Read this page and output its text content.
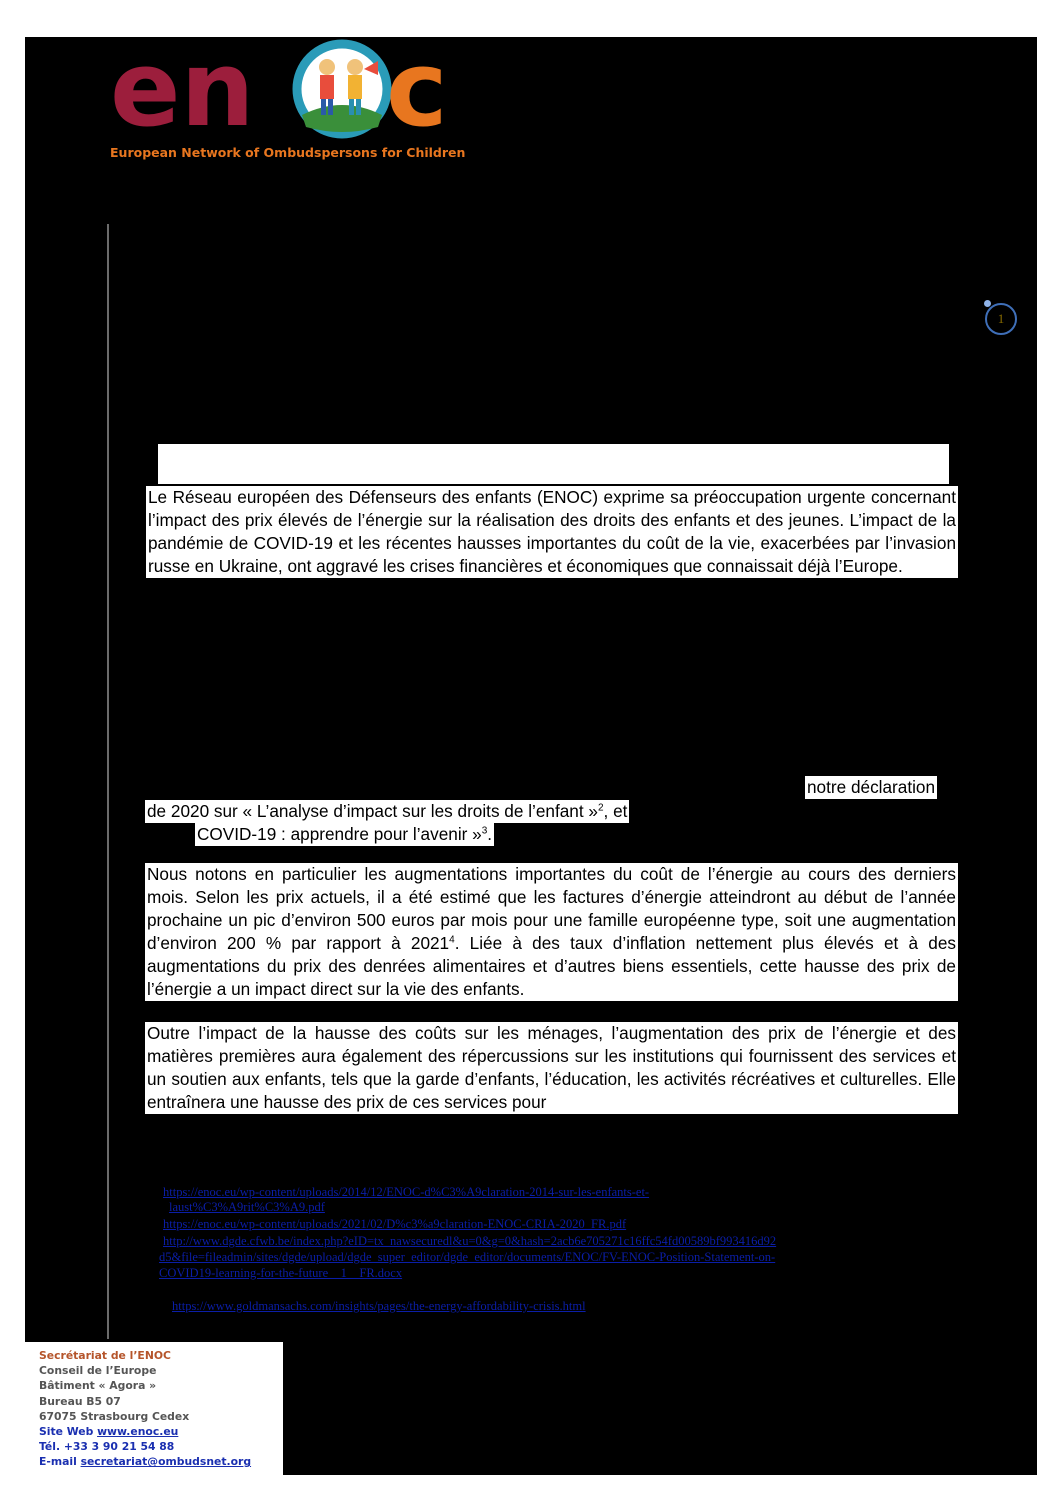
en c
European Network of Ombudspersons for Children
1

Le Réseau européen des Défenseurs des enfants (ENOC) exprime sa préoccupation urgente concernant l’impact des prix élevés de l’énergie sur la réalisation des droits des enfants et des jeunes. L’impact de la pandémie de COVID-19 et les récentes hausses importantes du coût de la vie, exacerbées par l’invasion russe en Ukraine, ont aggravé les crises financières et économiques que connaissait déjà l’Europe.

notre déclaration
de 2020 sur « L’analyse d’impact sur les droits de l’enfant »$^2$, et
COVID-19 : apprendre pour l’avenir »$^3$.

Nous notons en particulier les augmentations importantes du coût de l’énergie au cours des derniers mois. Selon les prix actuels, il a été estimé que les factures d’énergie atteindront au début de l’année prochaine un pic d’environ 500 euros par mois pour une famille européenne type, soit une augmentation d’environ 200 % par rapport à 2021$^4$. Liée à des taux d’inflation nettement plus élevés et à des augmentations du prix des denrées alimentaires et d’autres biens essentiels, cette hausse des prix de l’énergie a un impact direct sur la vie des enfants.

Outre l’impact de la hausse des coûts sur les ménages, l’augmentation des prix de l’énergie et des matières premières aura également des répercussions sur les institutions qui fournissent des services et un soutien aux enfants, tels que la garde d’enfants, l’éducation, les activités récréatives et culturelles. Elle entraînera une hausse des prix de ces services pour

https://enoc.eu/wp-content/uploads/2014/12/ENOC-d%C3%A9claration-2014-sur-les-enfants-et-
laust%C3%A9rit%C3%A9.pdf
https://enoc.eu/wp-content/uploads/2021/02/D%c3%a9claration-ENOC-CRIA-2020_FR.pdf
http://www.dgde.cfwb.be/index.php?eID=tx_nawsecuredl&u=0&g=0&hash=2acb6e705271c16ffc54fd00589bf993416d92
d5&file=fileadmin/sites/dgde/upload/dgde_super_editor/dgde_editor/documents/ENOC/FV-ENOC-Position-Statement-on-
COVID19-learning-for-the-future__1__FR.docx
https://www.goldmansachs.com/insights/pages/the-energy-affordability-crisis.html
Secrétariat de l’ENOC
Conseil de l’Europe
Bâtiment « Agora »
Bureau B5 07
67075 Strasbourg Cedex
Site Web www.enoc.eu
Tél. +33 3 90 21 54 88
E-mail secretariat@ombudsnet.org
